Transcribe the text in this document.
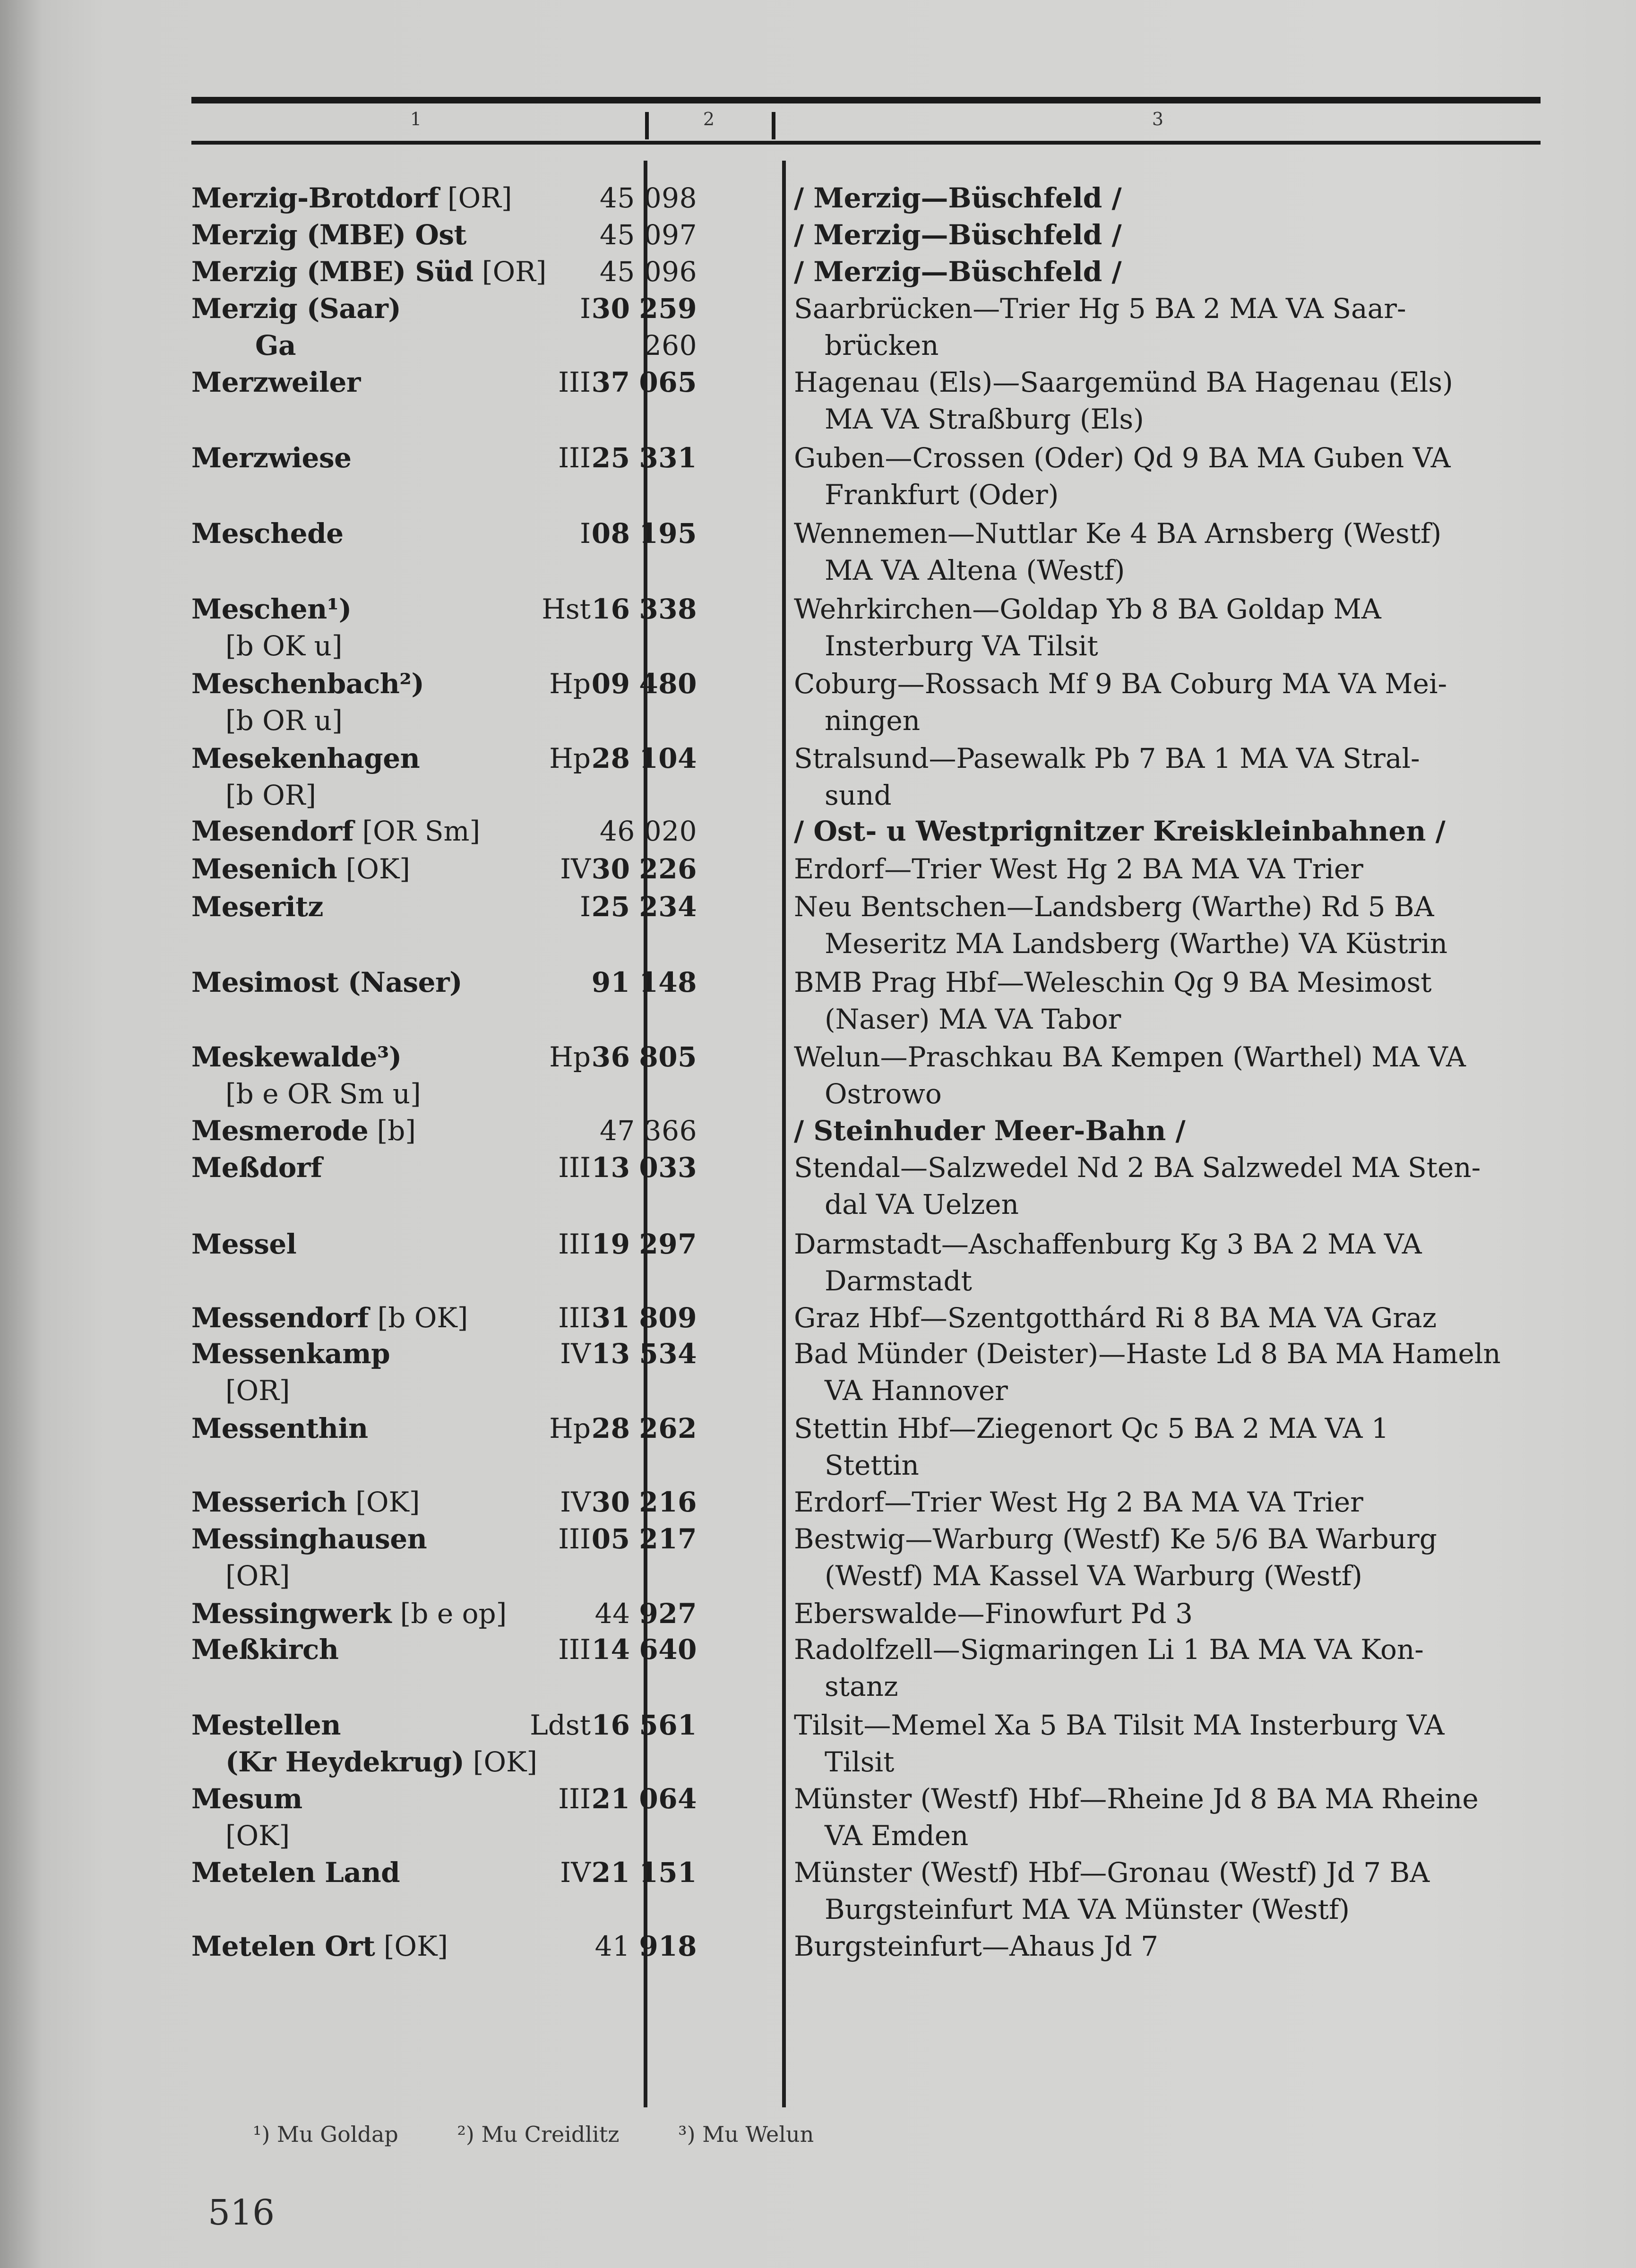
1	2	3
Merzig-Brotdorf [OR]	45 098	/ Merzig—Büschfeld /
Merzig (MBE) Ost	45 097	/ Merzig—Büschfeld /
Merzig (MBE) Süd [OR] 45 096	/ Merzig—Büschfeld /
Merzig (Saar)	I 30 259	Saarbrücken—Trier Hg 5 BA 2 MA VA Saar-
Ga	260	brücken
Merzweiler	III 37 065	Hagenau (Els)—Saargemünd BA Hagenau (Els)
MA VA Straßburg (Els)
Merzwiese	III 25 331	Guben—Crossen (Oder) Qd 9 BA MA Guben VA
Frankfurt (Oder)
Meschede	I 08 195	Wennemen—Nuttlar Ke 4 BA Arnsberg (Westf)
MA VA Altena (Westf)
Meschen¹)	Hst 16 338	Wehrkirchen—Goldap Yb 8 BA Goldap MA
[b OK u]	Insterburg VA Tilsit
Meschenbach²)	Hp 09 480	Coburg—Rossach Mf 9 BA Coburg MA VA Mei-
[b OR u]	ningen
Mesekenhagen	Hp 28 104	Stralsund—Pasewalk Pb 7 BA 1 MA VA Stral-
[b OR]	sund
Mesendorf [OR Sm]	46 020	/ Ost- u Westprignitzer Kreiskleinbahnen /
Mesenich [OK]	IV 30 226	Erdorf—Trier West Hg 2 BA MA VA Trier
Meseritz	I 25 234	Neu Bentschen—Landsberg (Warthe) Rd 5 BA
Meseritz MA Landsberg (Warthe) VA Küstrin
Mesimost (Naser)	91 148	BMB Prag Hbf—Weleschin Qg 9 BA Mesimost
(Naser) MA VA Tabor
Meskewalde³)	Hp 36 805	Welun—Praschkau BA Kempen (Warthel) MA VA
[b e OR Sm u]	Ostrowo
Mesmerode [b]	47 366	/ Steinhuder Meer-Bahn /
Meßdorf	III 13 033	Stendal—Salzwedel Nd 2 BA Salzwedel MA Sten-
dal VA Uelzen
Messel	III 19 297	Darmstadt—Aschaffenburg Kg 3 BA 2 MA VA
Darmstadt
Messendorf [b OK]	III 31 809	Graz Hbf—Szentgotthárd Ri 8 BA MA VA Graz
Messenkamp	IV 13 534	Bad Münder (Deister)—Haste Ld 8 BA MA Hameln
[OR]	VA Hannover
Messenthin	Hp 28 262	Stettin Hbf—Ziegenort Qc 5 BA 2 MA VA 1
Stettin
Messerich [OK]	IV 30 216	Erdorf—Trier West Hg 2 BA MA VA Trier
Messinghausen	III 05 217	Bestwig—Warburg (Westf) Ke 5/6 BA Warburg
[OR]	(Westf) MA Kassel VA Warburg (Westf)
Messingwerk [b e op]	44 927	Eberswalde—Finowfurt Pd 3
Meßkirch	III 14 640	Radolfzell—Sigmaringen Li 1 BA MA VA Kon-
stanz
Mestellen	Ldst 16 561	Tilsit—Memel Xa 5 BA Tilsit MA Insterburg VA
(Kr Heydekrug) [OK]	Tilsit
Mesum	III 21 064	Münster (Westf) Hbf—Rheine Jd 8 BA MA Rheine
[OK]	VA Emden
Metelen Land	IV 21 151	Münster (Westf) Hbf—Gronau (Westf) Jd 7 BA
Burgsteinfurt MA VA Münster (Westf)
Metelen Ort [OK]	41 918	Burgsteinfurt—Ahaus Jd 7
¹) Mu Goldap	²) Mu Creidlitz	³) Mu Welun
516
